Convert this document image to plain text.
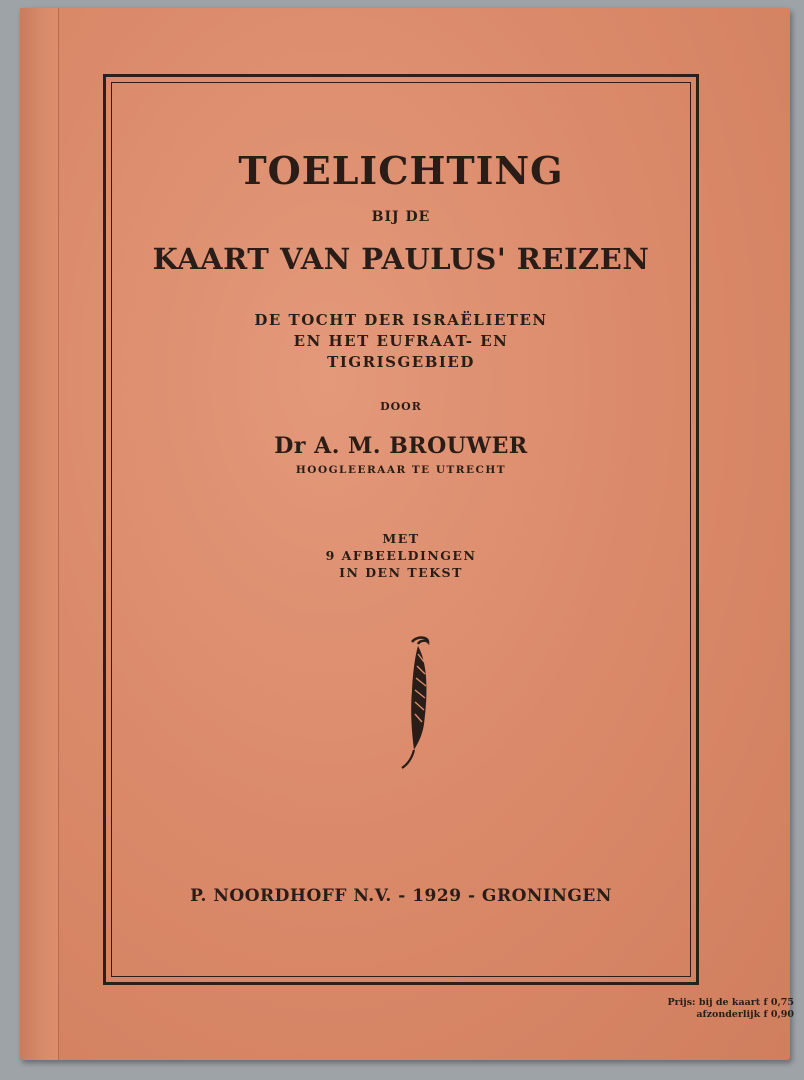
TOELICHTING
BIJ DE
KAART VAN PAULUS' REIZEN
DE TOCHT DER ISRAËLIETEN
EN HET EUFRAAT- EN
TIGRISGEBIED
DOOR
Dr A. M. BROUWER
HOOGLEERAAR TE UTRECHT
MET
9 AFBEELDINGEN
IN DEN TEKST
P. NOORDHOFF N.V. - 1929 - GRONINGEN
Prijs: bij de kaart f 0,75
afzonderlijk f 0,90
